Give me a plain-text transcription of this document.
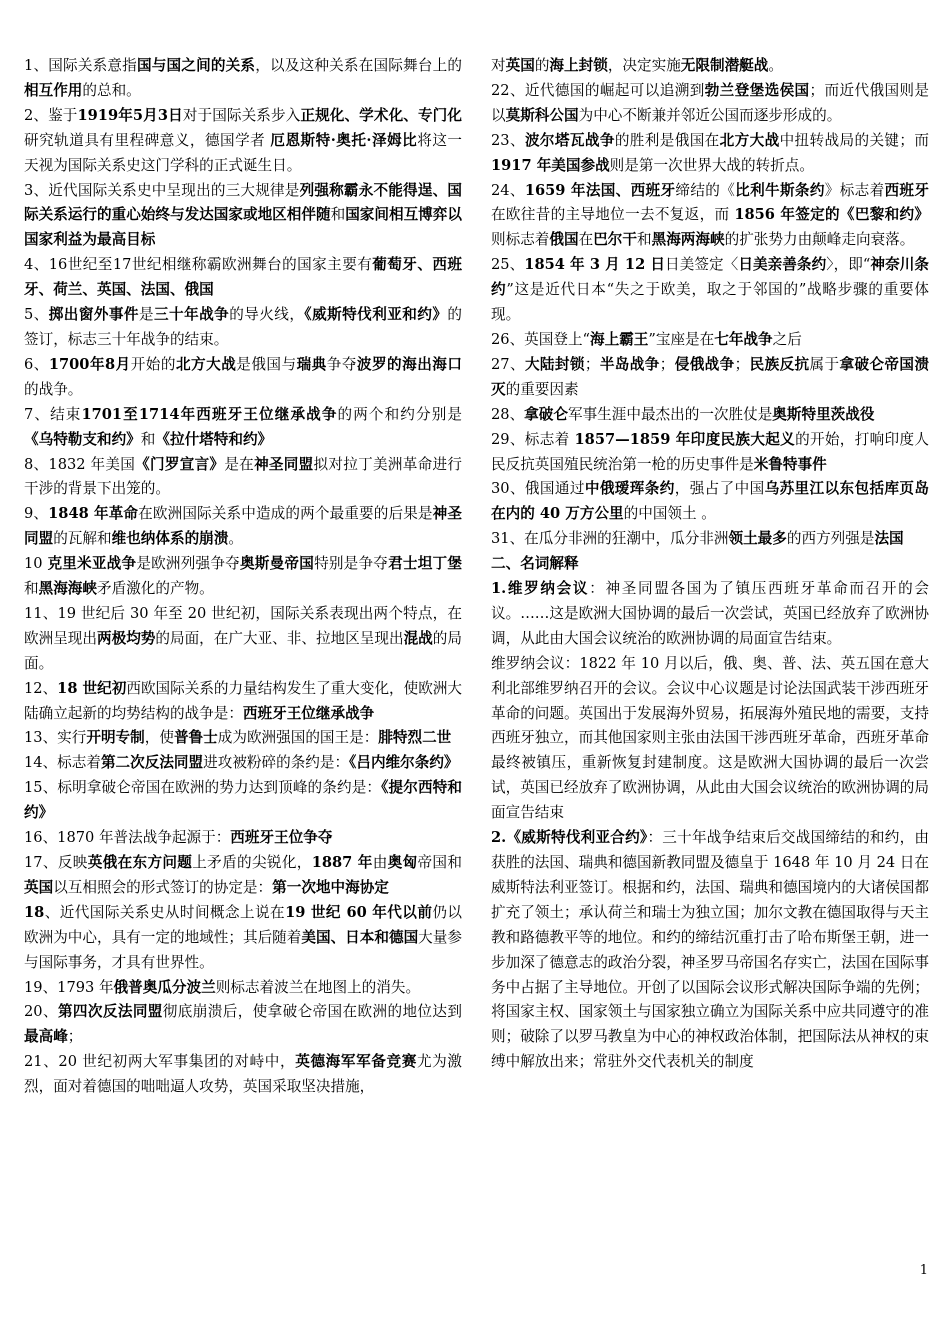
1、国际关系意指国与国之间的关系，以及这种关系在国际舞台上的相互作用的总和。
2、鉴于1919年5月3日对于国际关系步入正规化、学术化、专门化研究轨道具有里程碑意义，德国学者 厄恩斯特·奥托·泽姆比将这一天视为国际关系史这门学科的正式诞生日。
3、近代国际关系史中呈现出的三大规律是列强称霸永不能得逞、国际关系运行的重心始终与发达国家或地区相伴随和国家间相互博弈以国家利益为最高目标
4、16世纪至17世纪相继称霸欧洲舞台的国家主要有葡萄牙、西班牙、荷兰、英国、法国、俄国
5、掷出窗外事件是三十年战争的导火线，《威斯特伐利亚和约》的签订，标志三十年战争的结束。
6、1700年8月开始的北方大战是俄国与瑞典争夺波罗的海出海口的战争。
7、结束1701至1714年西班牙王位继承战争的两个和约分别是《乌特勒支和约》和《拉什塔特和约》
8、1832 年美国《门罗宣言》是在神圣同盟拟对拉丁美洲革命进行干涉的背景下出笼的。
9、1848 年革命在欧洲国际关系中造成的两个最重要的后果是神圣同盟的瓦解和维也纳体系的崩溃。
10 克里米亚战争是欧洲列强争夺奥斯曼帝国特别是争夺君士坦丁堡和黑海海峡矛盾激化的产物。
11、19 世纪后 30 年至 20 世纪初，国际关系表现出两个特点，在欧洲呈现出两极均势的局面，在广大亚、非、拉地区呈现出混战的局面。
12、18 世纪初西欧国际关系的力量结构发生了重大变化，使欧洲大陆确立起新的均势结构的战争是：西班牙王位继承战争
13、实行开明专制，使普鲁士成为欧洲强国的国王是：腓特烈二世
14、标志着第二次反法同盟进攻被粉碎的条约是：《吕内维尔条约》
15、标明拿破仑帝国在欧洲的势力达到顶峰的条约是：《提尔西特和约》
16、1870 年普法战争起源于：西班牙王位争夺
17、反映英俄在东方问题上矛盾的尖锐化，1887 年由奥匈帝国和英国以互相照会的形式签订的协定是：第一次地中海协定
18、近代国际关系史从时间概念上说在19 世纪 60 年代以前仍以欧洲为中心，具有一定的地域性；其后随着美国、日本和德国大量参与国际事务，才具有世界性。
19、1793 年俄普奥瓜分波兰则标志着波兰在地图上的消失。
20、第四次反法同盟彻底崩溃后，使拿破仑帝国在欧洲的地位达到最高峰；
21、20 世纪初两大军事集团的对峙中，英德海军军备竞赛尤为激烈，面对着德国的咄咄逼人攻势，英国采取坚决措施，
对英国的海上封锁，决定实施无限制潜艇战。
22、近代德国的崛起可以追溯到勃兰登堡选侯国；而近代俄国则是以莫斯科公国为中心不断兼并邻近公国而逐步形成的。
23、波尔塔瓦战争的胜利是俄国在北方大战中扭转战局的关键；而 1917 年美国参战则是第一次世界大战的转折点。
24、1659 年法国、西班牙缔结的《比利牛斯条约》标志着西班牙在欧往昔的主导地位一去不复返，而 1856 年签定的《巴黎和约》则标志着俄国在巴尔干和黑海两海峡的扩张势力由颠峰走向衰落。
25、1854 年 3 月 12 日日美签定〈日美亲善条约〉，即“神奈川条约”这是近代日本“失之于欧美，取之于邻国的”战略步骤的重要体现。
26、英国登上“海上霸王”宝座是在七年战争之后
27、大陆封锁；半岛战争；侵俄战争；民族反抗属于拿破仑帝国溃灭的重要因素
28、拿破仑军事生涯中最杰出的一次胜仗是奥斯特里茨战役
29、标志着 1857—1859 年印度民族大起义的开始，打响印度人民反抗英国殖民统治第一枪的历史事件是米鲁特事件
30、俄国通过中俄瑷珲条约，强占了中国乌苏里江以东包括库页岛在内的 40 万方公里的中国领土 。
31、在瓜分非洲的狂潮中，瓜分非洲领土最多的西方列强是法国
二、名词解释
1.维罗纳会议：神圣同盟各国为了镇压西班牙革命而召开的会议。……这是欧洲大国协调的最后一次尝试，英国已经放弃了欧洲协调，从此由大国会议统治的欧洲协调的局面宣告结束。
维罗纳会议：1822 年 10 月以后，俄、奥、普、法、英五国在意大利北部维罗纳召开的会议。会议中心议题是讨论法国武装干涉西班牙革命的问题。英国出于发展海外贸易，拓展海外殖民地的需要，支持西班牙独立，而其他国家则主张由法国干涉西班牙革命，西班牙革命最终被镇压，重新恢复封建制度。这是欧洲大国协调的最后一次尝试，英国已经放弃了欧洲协调，从此由大国会议统治的欧洲协调的局面宣告结束
2.《威斯特伐利亚合约》：三十年战争结束后交战国缔结的和约，由获胜的法国、瑞典和德国新教同盟及德皇于 1648 年 10 月 24 日在威斯特法利亚签订。根据和约，法国、瑞典和德国境内的大诸侯国都扩充了领土；承认荷兰和瑞士为独立国；加尔文教在德国取得与天主教和路德教平等的地位。和约的缔结沉重打击了哈布斯堡王朝，进一步加深了德意志的政治分裂，神圣罗马帝国名存实亡，法国在国际事务中占据了主导地位。开创了以国际会议形式解决国际争端的先例；将国家主权、国家领土与国家独立确立为国际关系中应共同遵守的准则；破除了以罗马教皇为中心的神权政治体制，把国际法从神权的束缚中解放出来；常驻外交代表机关的制度
1
